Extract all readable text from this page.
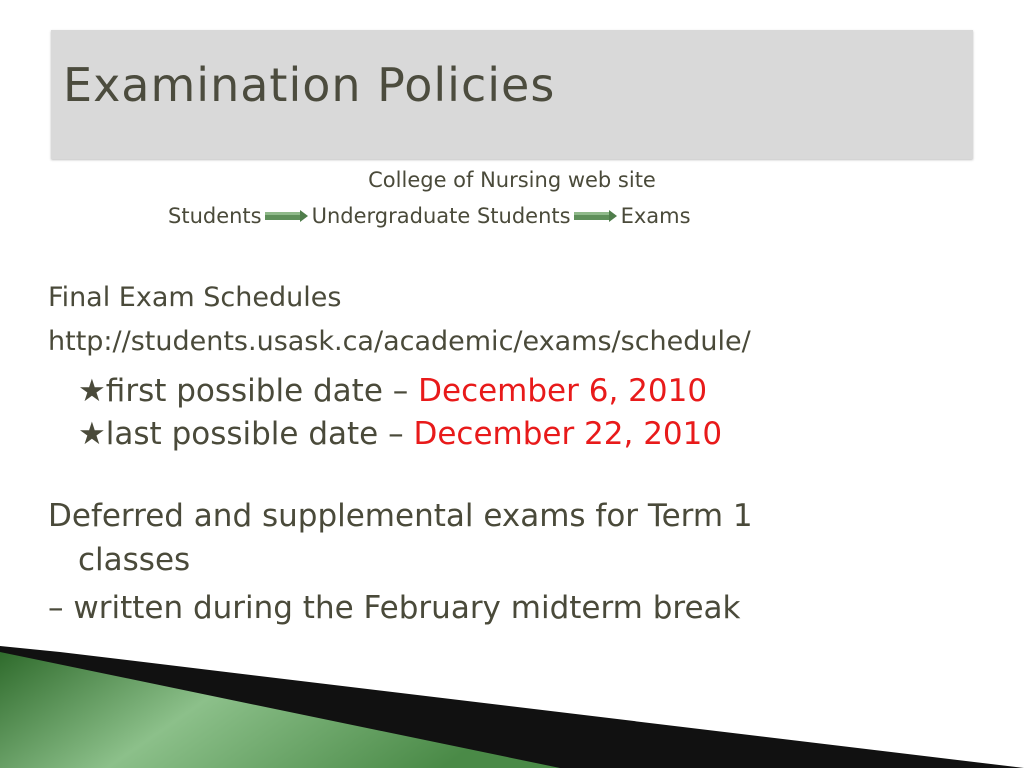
Examination Policies
College of Nursing web site
Students Undergraduate Students Exams

Final Exam Schedules

http://students.usask.ca/academic/exams/schedule/

★first possible date – December 6, 2010
★last possible date – December 22, 2010
Deferred and supplemental exams for Term 1
classes

– written during the February midterm break
